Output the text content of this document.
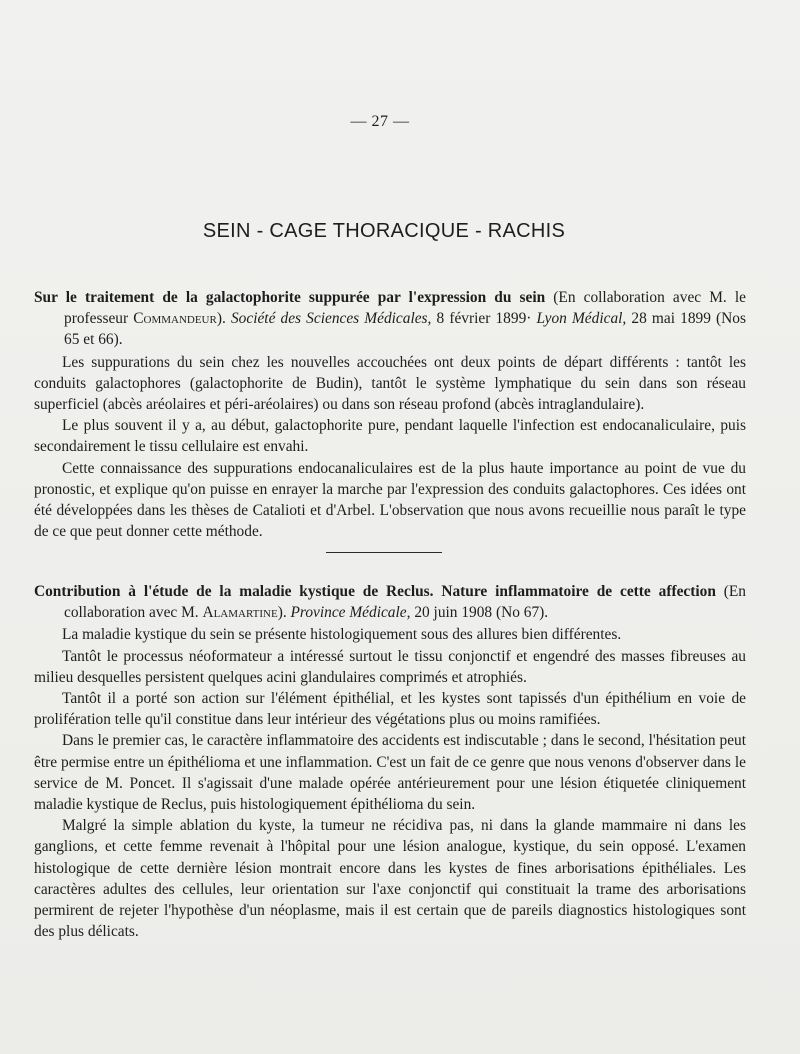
— 27 —
SEIN - CAGE THORACIQUE - RACHIS

Sur le traitement de la galactophorite suppurée par l'expression du sein (En collaboration avec M. le professeur Commandeur). Société des Sciences Médicales, 8 février 1899· Lyon Médical, 28 mai 1899 (Nos 65 et 66).

Les suppurations du sein chez les nouvelles accouchées ont deux points de départ différents : tantôt les conduits galactophores (galactophorite de Budin), tantôt le système lymphatique du sein dans son réseau superficiel (abcès aréolaires et péri-aréolaires) ou dans son réseau profond (abcès intraglandulaire).

Le plus souvent il y a, au début, galactophorite pure, pendant laquelle l'infection est endocanaliculaire, puis secondairement le tissu cellulaire est envahi.

Cette connaissance des suppurations endocanaliculaires est de la plus haute importance au point de vue du pronostic, et explique qu'on puisse en enrayer la marche par l'expression des conduits galactophores. Ces idées ont été développées dans les thèses de Catalioti et d'Arbel. L'observation que nous avons recueillie nous paraît le type de ce que peut donner cette méthode.

Contribution à l'étude de la maladie kystique de Reclus. Nature inflammatoire de cette affection (En collaboration avec M. Alamartine). Province Médicale, 20 juin 1908 (No 67).

La maladie kystique du sein se présente histologiquement sous des allures bien différentes.

Tantôt le processus néoformateur a intéressé surtout le tissu conjonctif et engendré des masses fibreuses au milieu desquelles persistent quelques acini glandulaires comprimés et atrophiés.

Tantôt il a porté son action sur l'élément épithélial, et les kystes sont tapissés d'un épithélium en voie de prolifération telle qu'il constitue dans leur intérieur des végétations plus ou moins ramifiées.

Dans le premier cas, le caractère inflammatoire des accidents est indiscutable ; dans le second, l'hésitation peut être permise entre un épithélioma et une inflammation. C'est un fait de ce genre que nous venons d'observer dans le service de M. Poncet. Il s'agissait d'une malade opérée antérieurement pour une lésion étiquetée cliniquement maladie kystique de Reclus, puis histologiquement épithélioma du sein.

Malgré la simple ablation du kyste, la tumeur ne récidiva pas, ni dans la glande mammaire ni dans les ganglions, et cette femme revenait à l'hôpital pour une lésion analogue, kystique, du sein opposé. L'examen histologique de cette dernière lésion montrait encore dans les kystes de fines arborisations épithéliales. Les caractères adultes des cellules, leur orientation sur l'axe conjonctif qui constituait la trame des arborisations permirent de rejeter l'hypothèse d'un néoplasme, mais il est certain que de pareils diagnostics histologiques sont des plus délicats.
